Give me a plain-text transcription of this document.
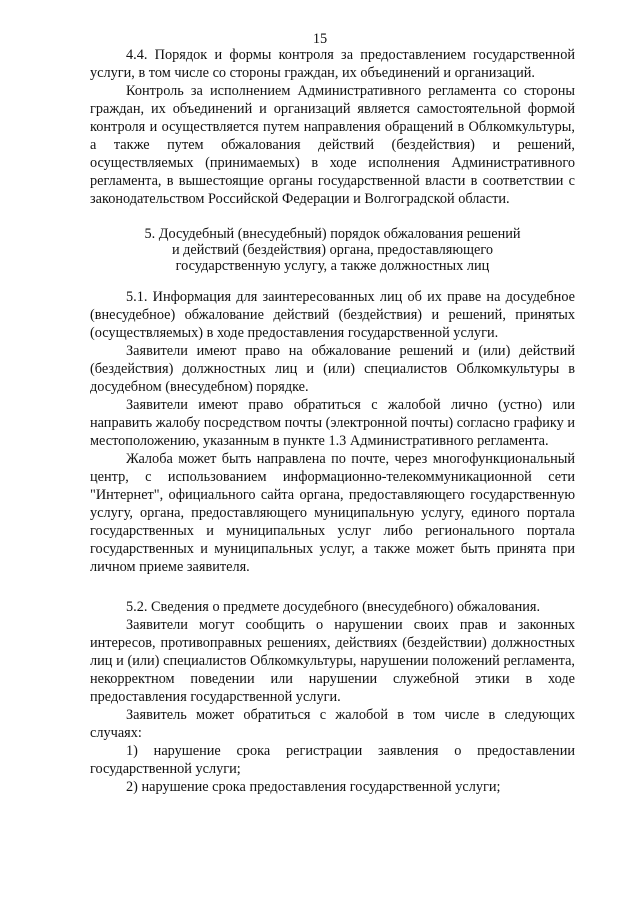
15

4.4. Порядок и формы контроля за предоставлением государственной услуги, в том числе со стороны граждан, их объединений и организаций.

Контроль за исполнением Административного регламента со стороны граждан, их объединений и организаций является самостоятельной формой контроля и осуществляется путем направления обращений в Облкомкультуры, а также путем обжалования действий (бездействия) и решений, осуществляемых (принимаемых) в ходе исполнения Административного регламента, в вышестоящие органы государственной власти в соответствии с законодательством Российской Федерации и Волгоградской области.

5. Досудебный (внесудебный) порядок обжалования решений

и действий (бездействия) органа, предоставляющего

государственную услугу, а также должностных лиц

5.1. Информация для заинтересованных лиц об их праве на досудебное (внесудебное) обжалование действий (бездействия) и решений, принятых (осуществляемых) в ходе предоставления государственной услуги.

Заявители имеют право на обжалование решений и (или) действий (бездействия) должностных лиц и (или) специалистов Облкомкультуры в досудебном (внесудебном) порядке.

Заявители имеют право обратиться с жалобой лично (устно) или направить жалобу посредством почты (электронной почты) согласно графику и местоположению, указанным в пункте 1.3 Административного регламента.

Жалоба может быть направлена по почте, через многофункциональный центр, с использованием информационно-телекоммуникационной сети "Интернет", официального сайта органа, предоставляющего государственную услугу, органа, предоставляющего муниципальную услугу, единого портала государственных и муниципальных услуг либо регионального портала государственных и муниципальных услуг, а также может быть принята при личном приеме заявителя.

5.2. Сведения о предмете досудебного (внесудебного) обжалования.

Заявители могут сообщить о нарушении своих прав и законных интересов, противоправных решениях, действиях (бездействии) должностных лиц и (или) специалистов Облкомкультуры, нарушении положений регламента, некорректном поведении или нарушении служебной этики в ходе предоставления государственной услуги.

Заявитель может обратиться с жалобой в том числе в следующих случаях:

1) нарушение срока регистрации заявления о предоставлении государственной услуги;

2) нарушение срока предоставления государственной услуги;
